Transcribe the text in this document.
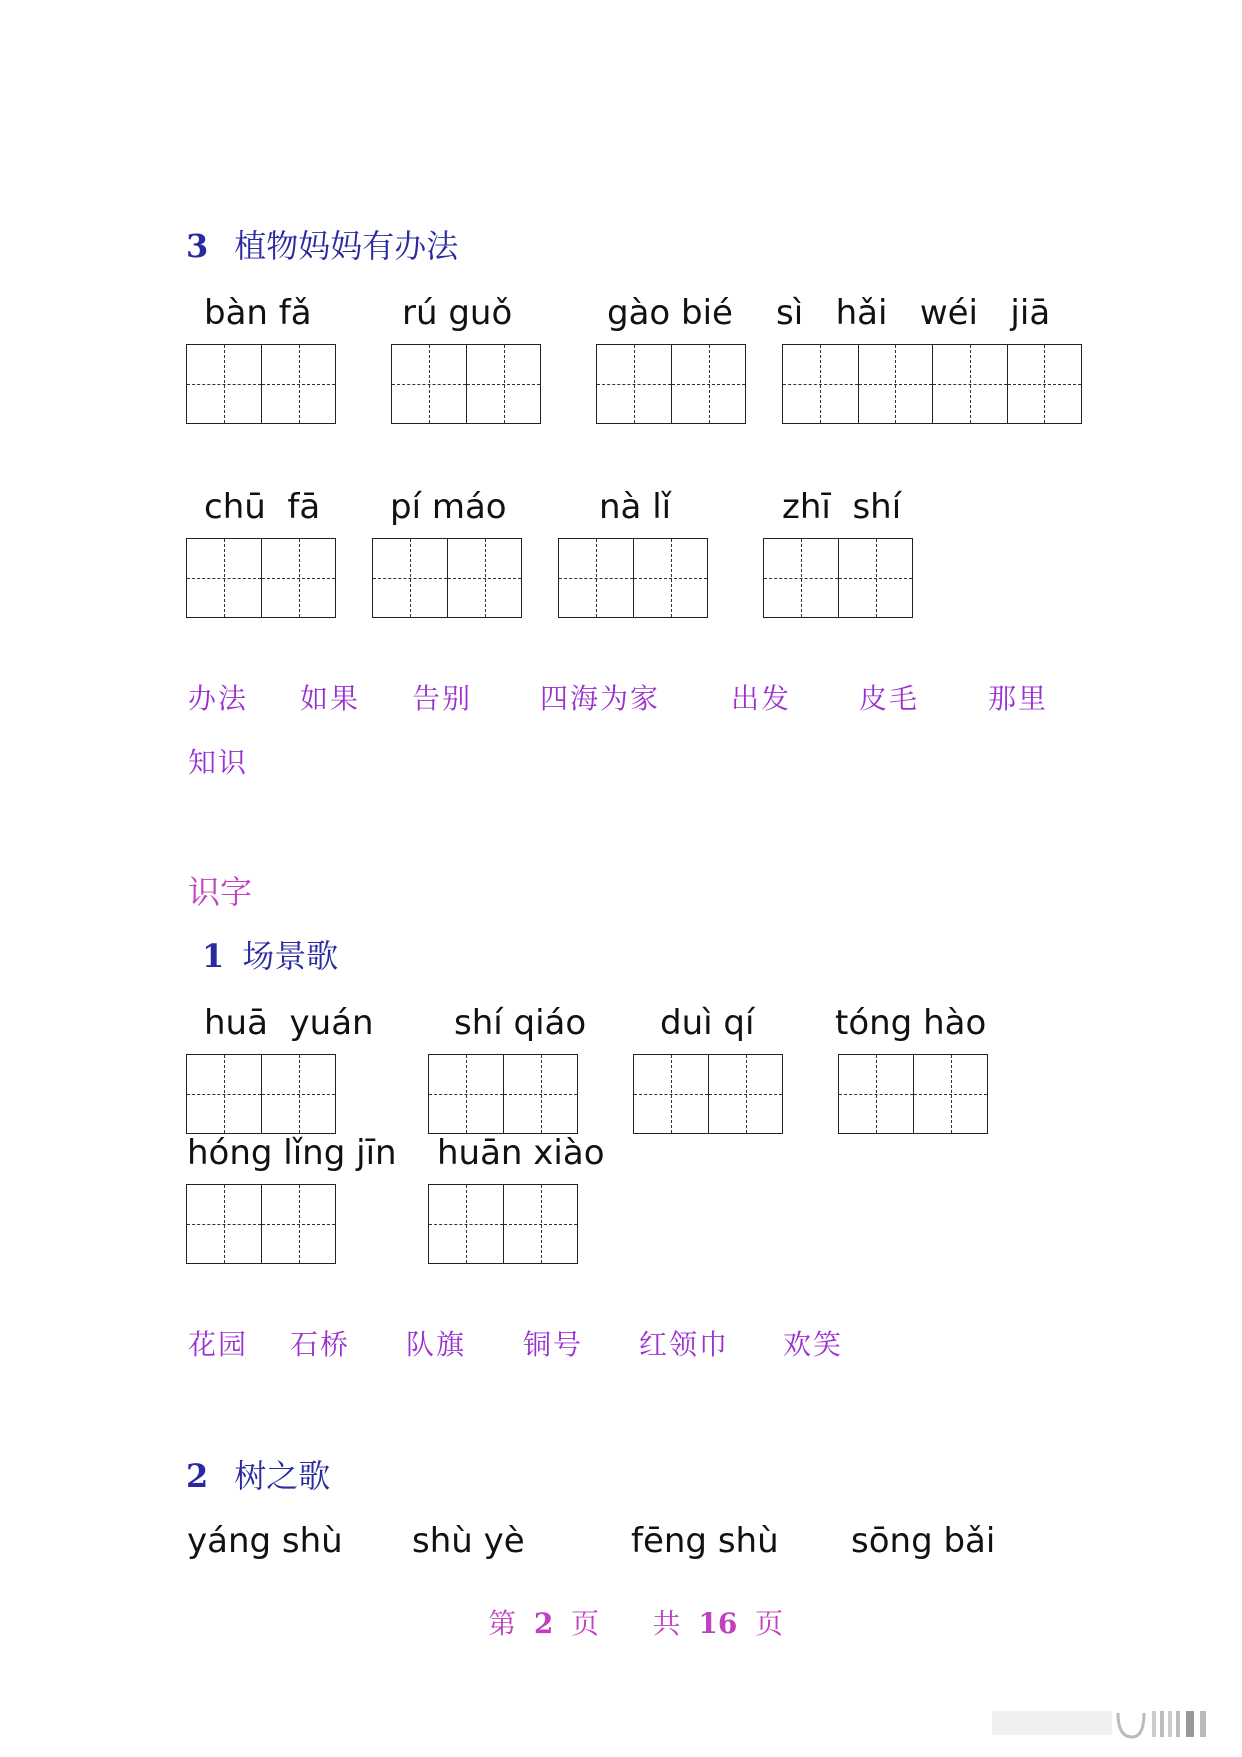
3 植物妈妈有办法
bàn fǎ	rú guǒ	gào bié sì   hǎi   wéi   jiā
chū  fā pí máo	nà lǐ	zhī  shí
办法 如果 告别 四海为家	出发 皮毛 那里
知识
识字
1 场景歌
huā  yuán shí qiáo duì qí tóng hào
hóng lǐng jīn huān xiào
花园 石桥 队旗 铜号 红领巾 欢笑
2 树之歌
yáng shù shù yè	fēng shù sōng bǎi
第 2 页 共 16 页
